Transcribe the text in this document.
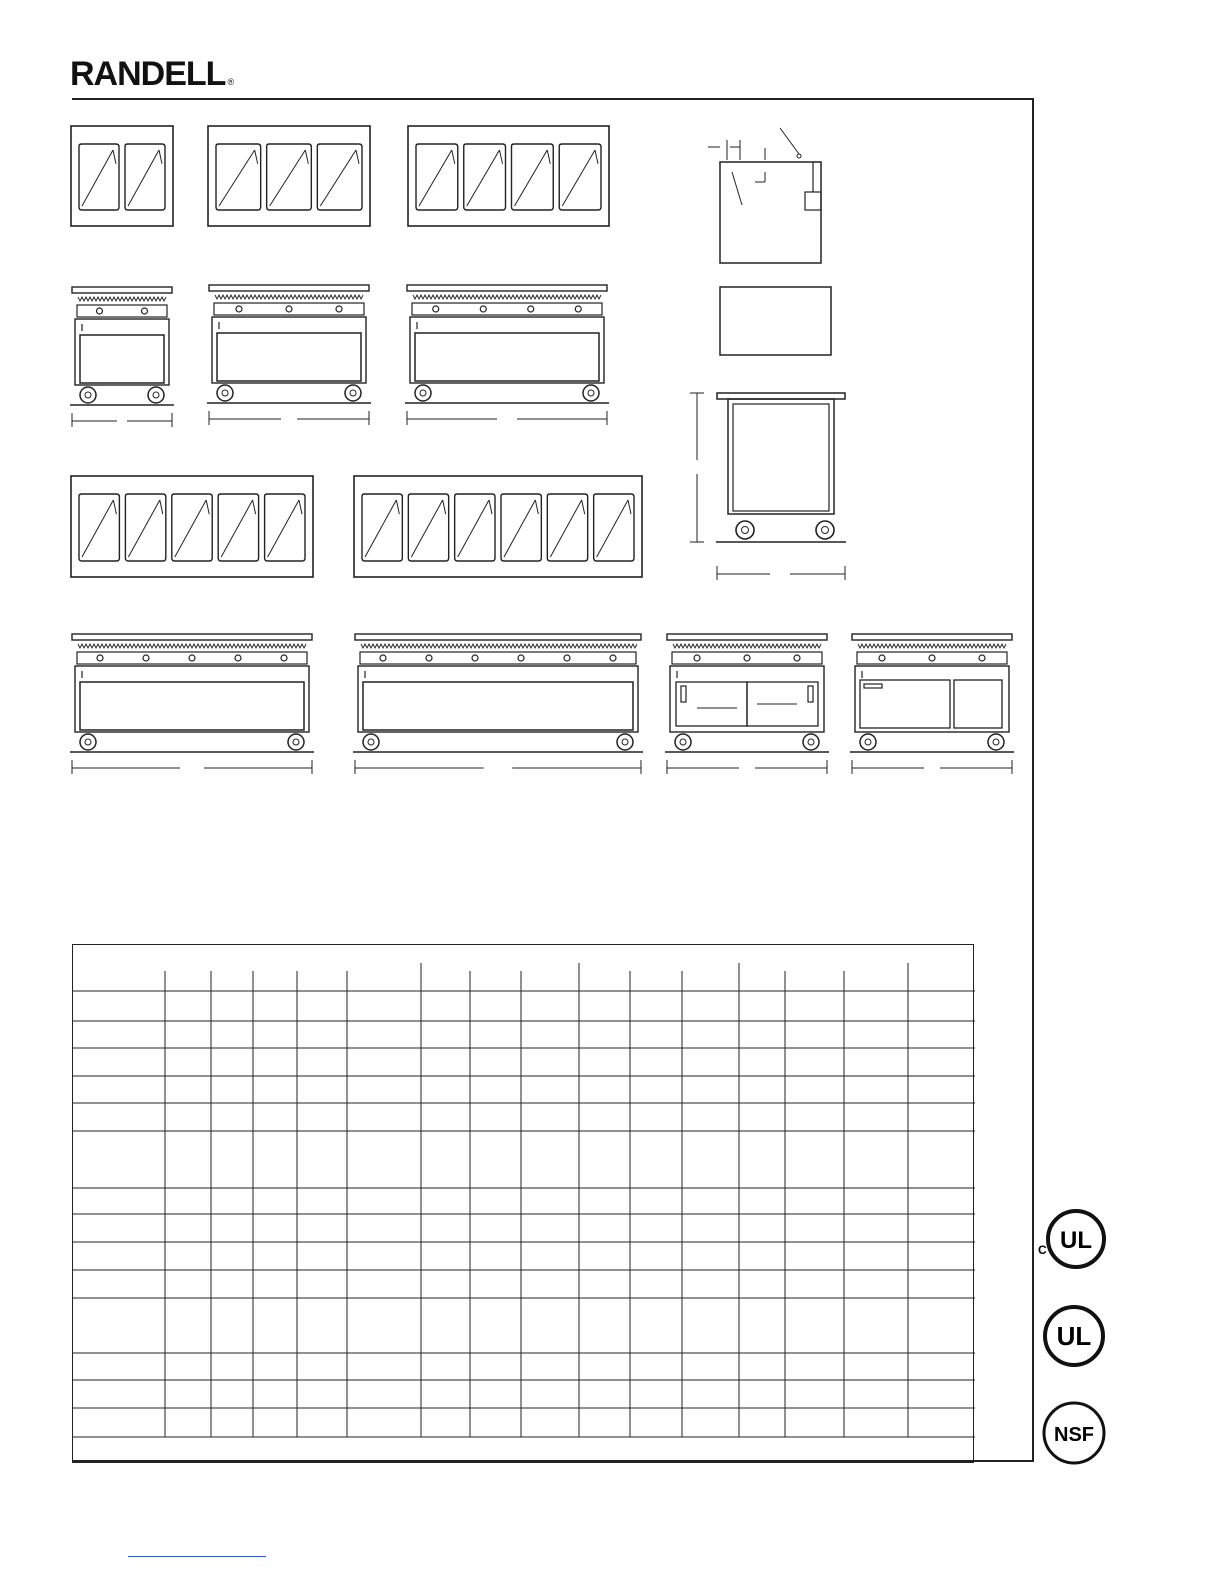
RANDELL ®
UL
C
UL
NSF
